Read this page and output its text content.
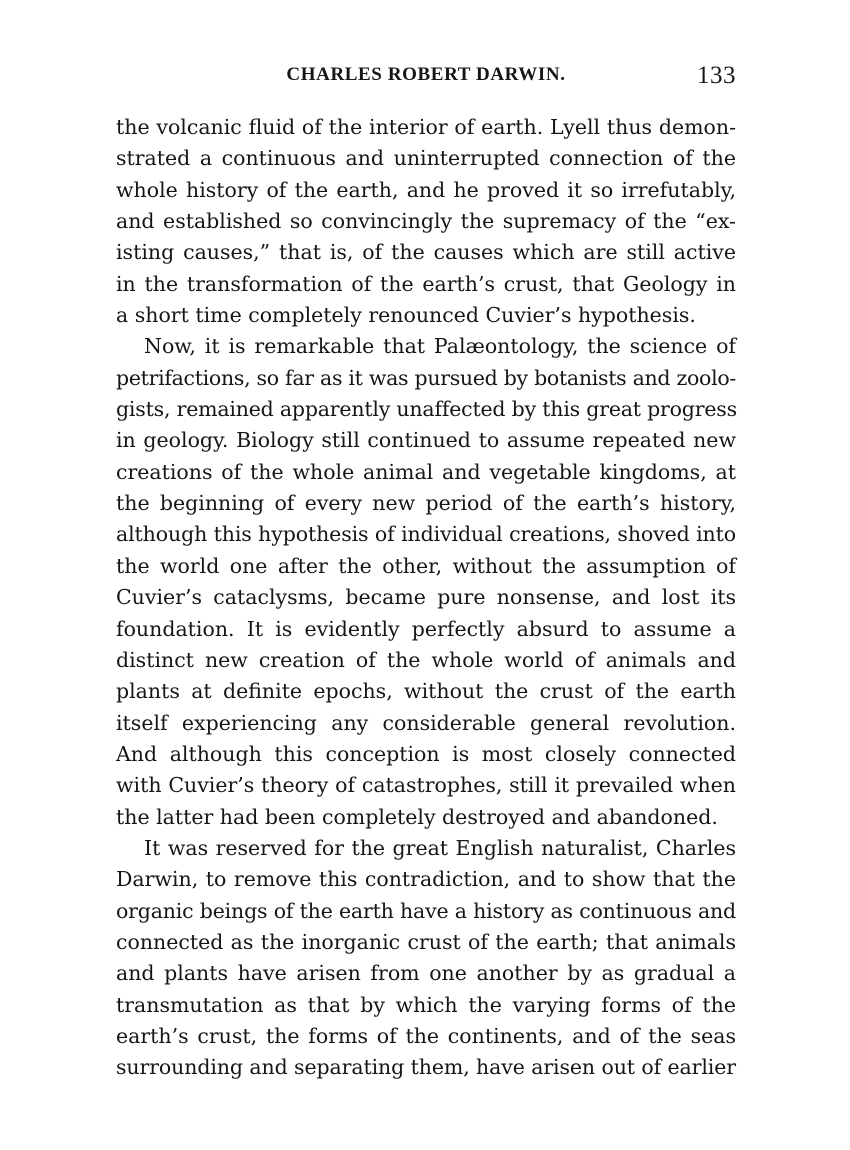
CHARLES ROBERT DARWIN.	133
the volcanic fluid of the interior of earth. Lyell thus demon-
strated a continuous and uninterrupted connection of the
whole history of the earth, and he proved it so irrefutably,
and established so convincingly the supremacy of the “ex-
isting causes,” that is, of the causes which are still active
in the transformation of the earth’s crust, that Geology in
a short time completely renounced Cuvier’s hypothesis.
Now, it is remarkable that Palæontology, the science of
petrifactions, so far as it was pursued by botanists and zoolo-
gists, remained apparently unaffected by this great progress
in geology. Biology still continued to assume repeated new
creations of the whole animal and vegetable kingdoms, at
the beginning of every new period of the earth’s history,
although this hypothesis of individual creations, shoved into
the world one after the other, without the assumption of
Cuvier’s cataclysms, became pure nonsense, and lost its
foundation. It is evidently perfectly absurd to assume a
distinct new creation of the whole world of animals and
plants at definite epochs, without the crust of the earth
itself experiencing any considerable general revolution.
And although this conception is most closely connected
with Cuvier’s theory of catastrophes, still it prevailed when
the latter had been completely destroyed and abandoned.
It was reserved for the great English naturalist, Charles
Darwin, to remove this contradiction, and to show that the
organic beings of the earth have a history as continuous and
connected as the inorganic crust of the earth; that animals
and plants have arisen from one another by as gradual a
transmutation as that by which the varying forms of the
earth’s crust, the forms of the continents, and of the seas
surrounding and separating them, have arisen out of earlier
